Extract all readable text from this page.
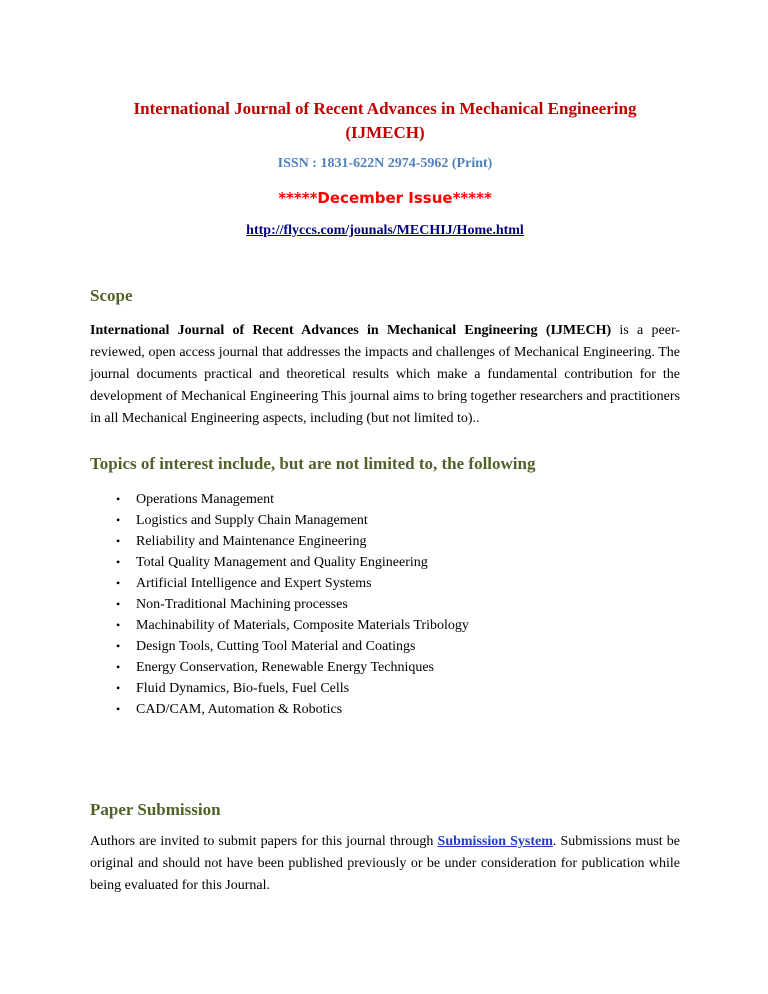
International Journal of Recent Advances in Mechanical Engineering
(IJMECH)
ISSN : 1831-622N 2974-5962 (Print)
*****December Issue*****
http://flyccs.com/jounals/MECHIJ/Home.html
Scope
International Journal of Recent Advances in Mechanical Engineering (IJMECH) is a peer-reviewed, open access journal that addresses the impacts and challenges of Mechanical Engineering. The journal documents practical and theoretical results which make a fundamental contribution for the development of Mechanical Engineering This journal aims to bring together researchers and practitioners in all Mechanical Engineering aspects, including (but not limited to)..
Topics of interest include, but are not limited to, the following
• Operations Management
• Logistics and Supply Chain Management
• Reliability and Maintenance Engineering
• Total Quality Management and Quality Engineering
• Artificial Intelligence and Expert Systems
• Non-Traditional Machining processes
• Machinability of Materials, Composite Materials Tribology
• Design Tools, Cutting Tool Material and Coatings
• Energy Conservation, Renewable Energy Techniques
• Fluid Dynamics, Bio-fuels, Fuel Cells
• CAD/CAM, Automation & Robotics
Paper Submission
Authors are invited to submit papers for this journal through Submission System. Submissions must be original and should not have been published previously or be under consideration for publication while being evaluated for this Journal.
